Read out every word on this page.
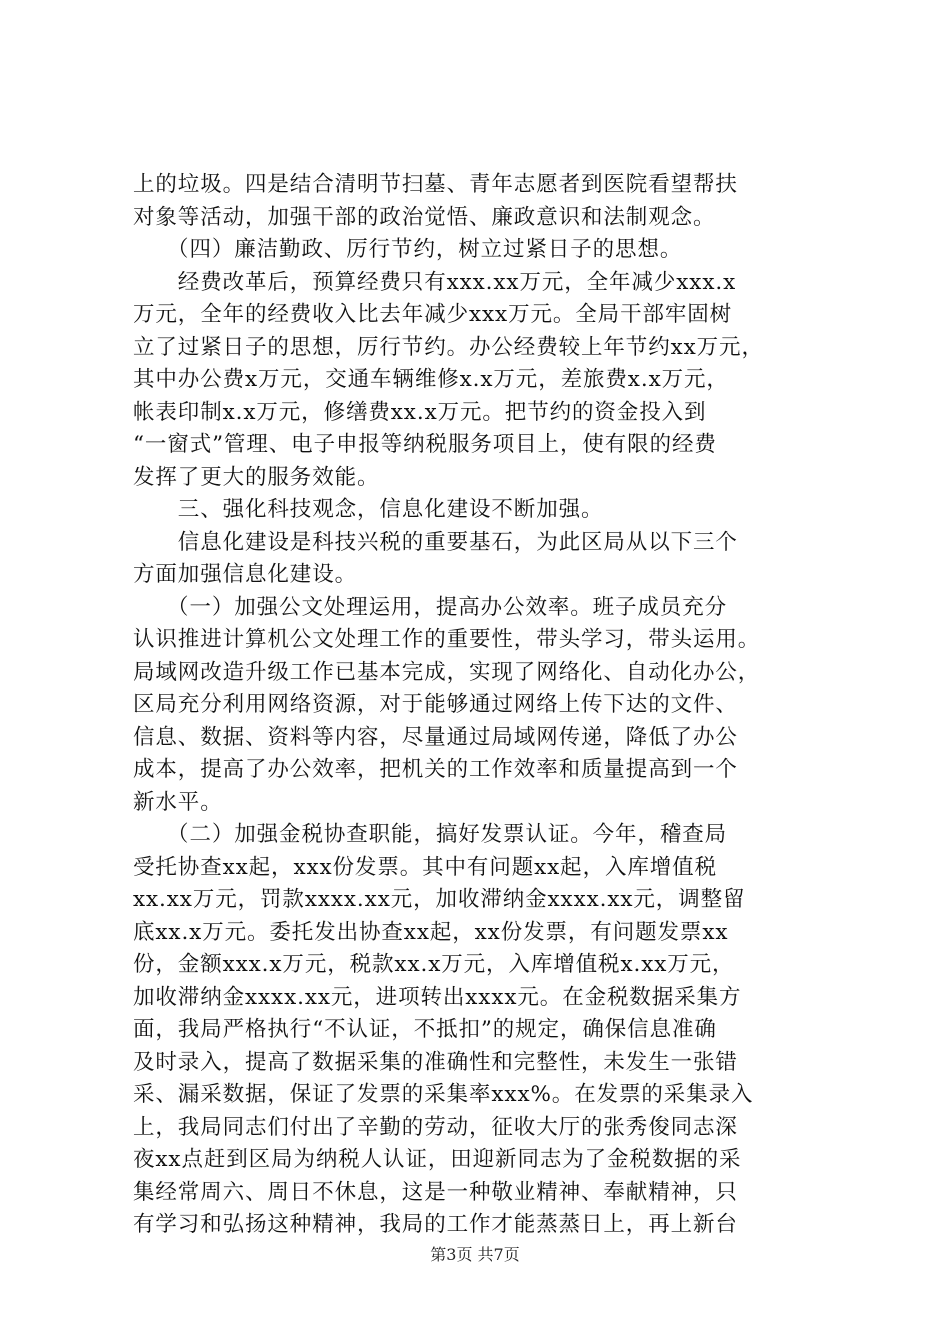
上的垃圾。四是结合清明节扫墓、青年志愿者到医院看望帮扶
对象等活动，加强干部的政治觉悟、廉政意识和法制观念。
　　（四）廉洁勤政、厉行节约，树立过紧日子的思想。
　　经费改革后，预算经费只有xxx.xx万元，全年减少xxx.x
万元，全年的经费收入比去年减少xxx万元。全局干部牢固树
立了过紧日子的思想，厉行节约。办公经费较上年节约xx万元，
其中办公费x万元，交通车辆维修x.x万元，差旅费x.x万元，
帐表印制x.x万元，修缮费xx.x万元。把节约的资金投入到
“一窗式”管理、电子申报等纳税服务项目上，使有限的经费
发挥了更大的服务效能。
　　三、强化科技观念，信息化建设不断加强。
　　信息化建设是科技兴税的重要基石，为此区局从以下三个
方面加强信息化建设。
　　（一）加强公文处理运用，提高办公效率。班子成员充分
认识推进计算机公文处理工作的重要性，带头学习，带头运用。
局域网改造升级工作已基本完成，实现了网络化、自动化办公，
区局充分利用网络资源，对于能够通过网络上传下达的文件、
信息、数据、资料等内容，尽量通过局域网传递，降低了办公
成本，提高了办公效率，把机关的工作效率和质量提高到一个
新水平。
　　（二）加强金税协查职能，搞好发票认证。今年，稽查局
受托协查xx起，xxx份发票。其中有问题xx起，入库增值税
xx.xx万元，罚款xxxx.xx元，加收滞纳金xxxx.xx元，调整留
底xx.x万元。委托发出协查xx起，xx份发票，有问题发票xx
份，金额xxx.x万元，税款xx.x万元，入库增值税x.xx万元，
加收滞纳金xxxx.xx元，进项转出xxxx元。在金税数据采集方
面，我局严格执行“不认证，不抵扣”的规定，确保信息准确
及时录入，提高了数据采集的准确性和完整性，未发生一张错
采、漏采数据，保证了发票的采集率xxx%。在发票的采集录入
上，我局同志们付出了辛勤的劳动，征收大厅的张秀俊同志深
夜xx点赶到区局为纳税人认证，田迎新同志为了金税数据的采
集经常周六、周日不休息，这是一种敬业精神、奉献精神，只
有学习和弘扬这种精神，我局的工作才能蒸蒸日上，再上新台
第3页 共7页
